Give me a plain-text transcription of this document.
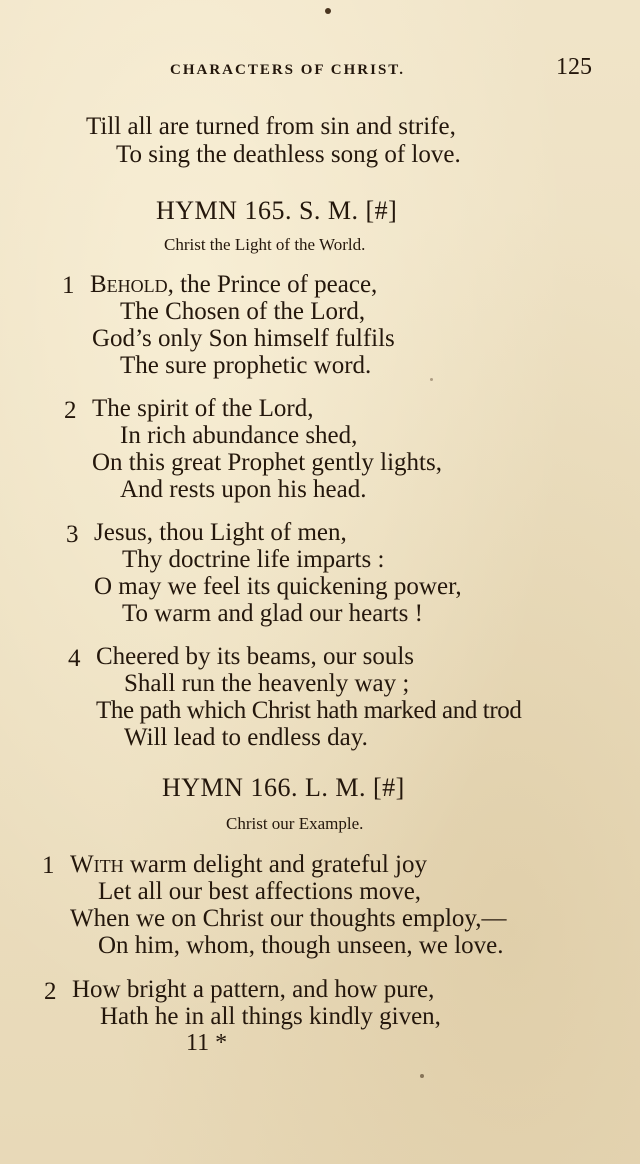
CHARACTERS OF CHRIST.	125
Till all are turned from sin and strife,
To sing the deathless song of love.
HYMN 165. S. M. [#]
Christ the Light of the World.
1 Behold, the Prince of peace,
The Chosen of the Lord,
God’s only Son himself fulfils
The sure prophetic word.
2 The spirit of the Lord,
In rich abundance shed,
On this great Prophet gently lights,
And rests upon his head.
3 Jesus, thou Light of men,
Thy doctrine life imparts :
O may we feel its quickening power,
To warm and glad our hearts !
4 Cheered by its beams, our souls
Shall run the heavenly way ;
The path which Christ hath marked and trod
Will lead to endless day.
HYMN 166. L. M. [#]
Christ our Example.
1 With warm delight and grateful joy
Let all our best affections move,
When we on Christ our thoughts employ,—
On him, whom, though unseen, we love.
2 How bright a pattern, and how pure,
Hath he in all things kindly given,
11 *
